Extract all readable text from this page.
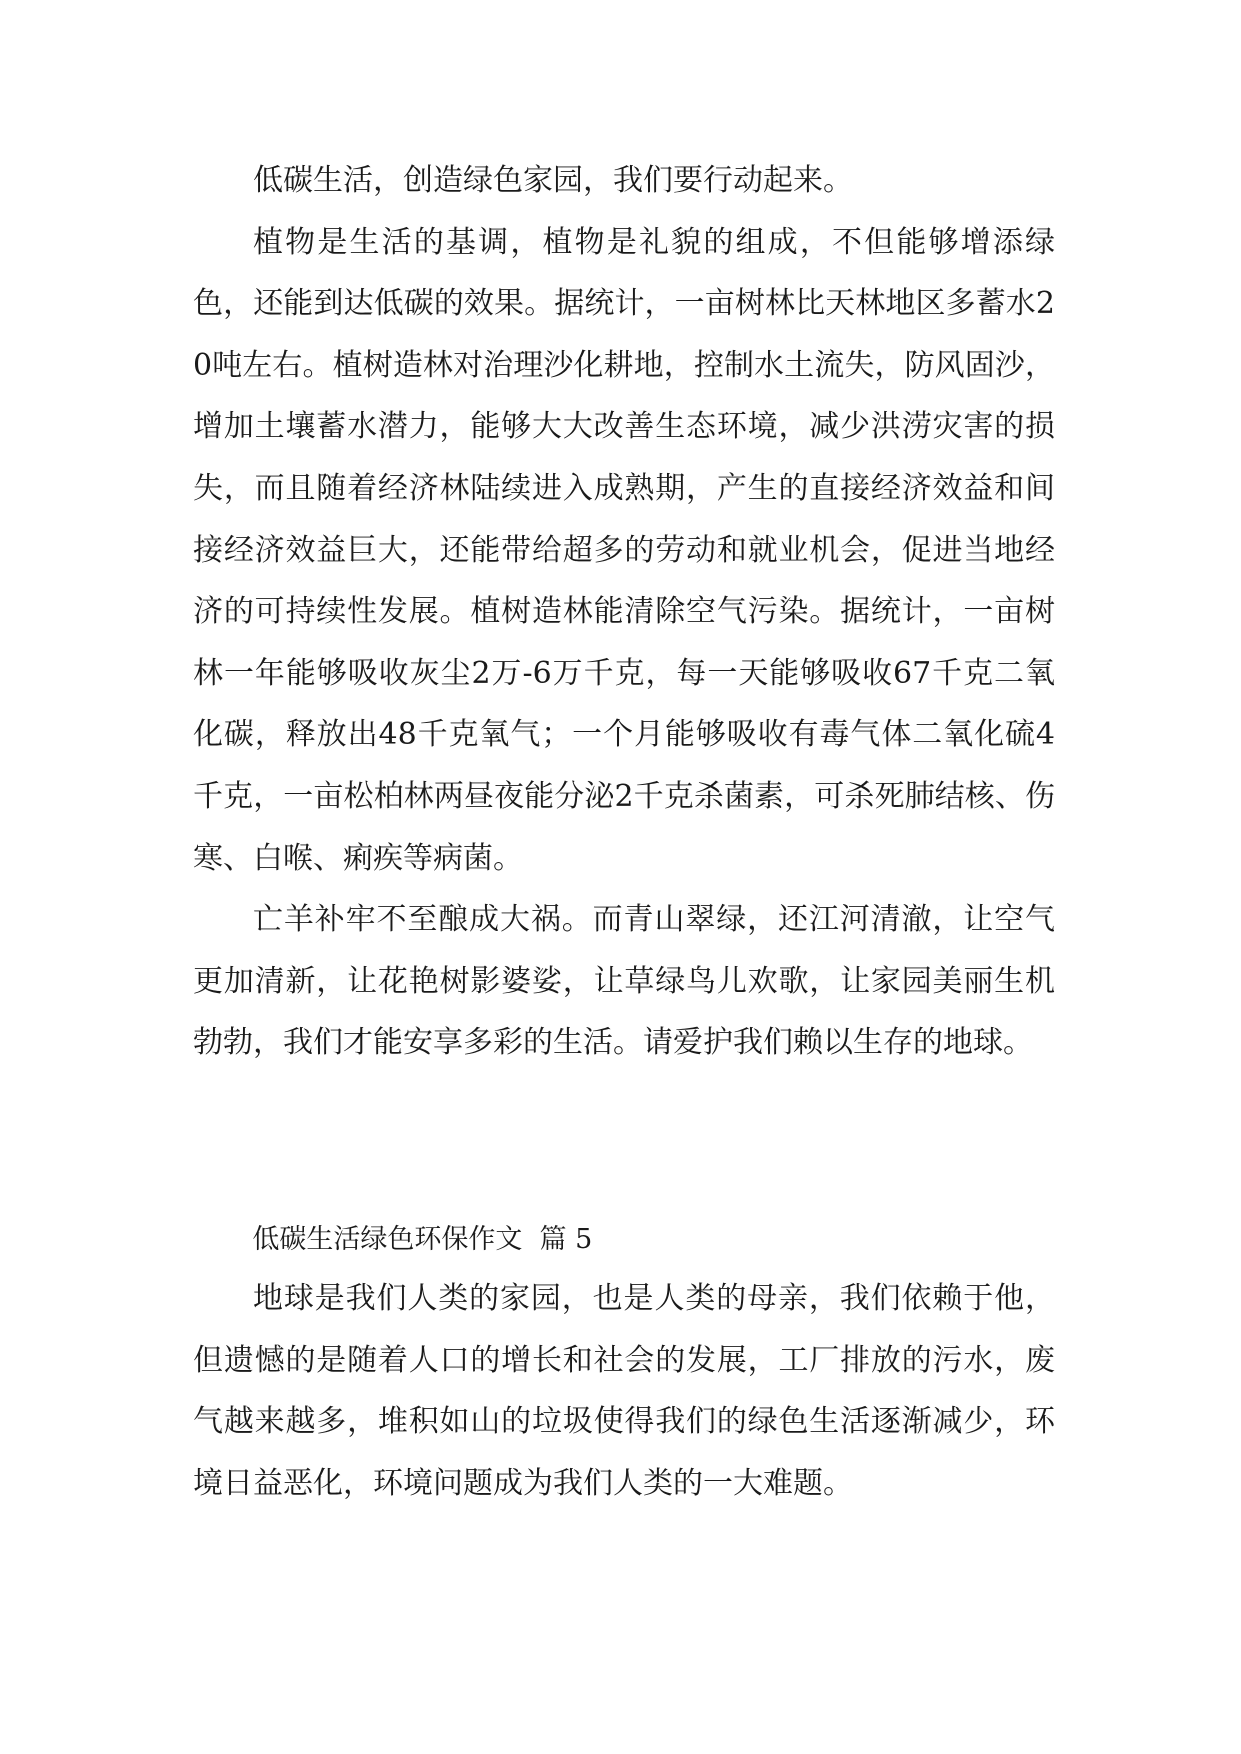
低碳生活，创造绿色家园，我们要行动起来。

植物是生活的基调，植物是礼貌的组成，不但能够增添绿色，还能到达低碳的效果。据统计，一亩树林比天林地区多蓄水20吨左右。植树造林对治理沙化耕地，控制水土流失，防风固沙，增加土壤蓄水潜力，能够大大改善生态环境，减少洪涝灾害的损失，而且随着经济林陆续进入成熟期，产生的直接经济效益和间接经济效益巨大，还能带给超多的劳动和就业机会，促进当地经济的可持续性发展。植树造林能清除空气污染。据统计，一亩树林一年能够吸收灰尘2万-6万千克，每一天能够吸收67千克二氧化碳，释放出48千克氧气；一个月能够吸收有毒气体二氧化硫4千克，一亩松柏林两昼夜能分泌2千克杀菌素，可杀死肺结核、伤寒、白喉、痢疾等病菌。

亡羊补牢不至酿成大祸。而青山翠绿，还江河清澈，让空气更加清新，让花艳树影婆娑，让草绿鸟儿欢歌，让家园美丽生机勃勃，我们才能安享多彩的生活。请爱护我们赖以生存的地球。

低碳生活绿色环保作文  篇 5

地球是我们人类的家园，也是人类的母亲，我们依赖于他，但遗憾的是随着人口的增长和社会的发展，工厂排放的污水，废气越来越多，堆积如山的垃圾使得我们的绿色生活逐渐减少，环境日益恶化，环境问题成为我们人类的一大难题。
